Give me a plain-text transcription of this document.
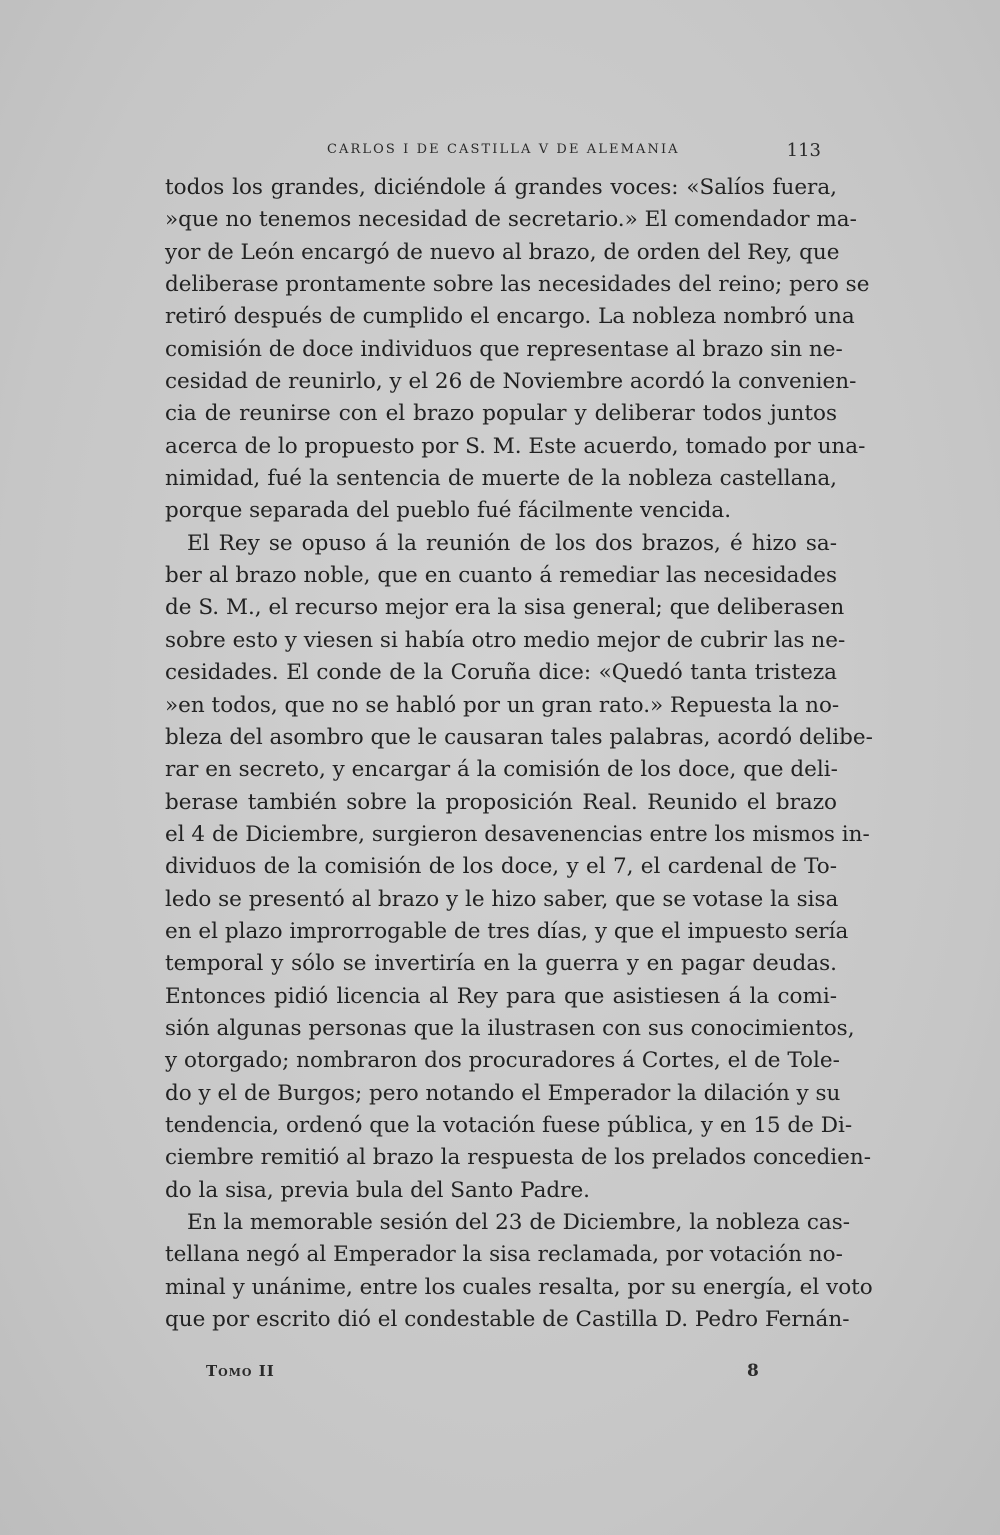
CARLOS I DE CASTILLA V DE ALEMANIA	113
todos los grandes, diciéndole á grandes voces: «Salíos fuera,
»que no tenemos necesidad de secretario.» El comendador ma-
yor de León encargó de nuevo al brazo, de orden del Rey, que
deliberase prontamente sobre las necesidades del reino; pero se
retiró después de cumplido el encargo. La nobleza nombró una
comisión de doce individuos que representase al brazo sin ne-
cesidad de reunirlo, y el 26 de Noviembre acordó la convenien-
cia de reunirse con el brazo popular y deliberar todos juntos
acerca de lo propuesto por S. M. Este acuerdo, tomado por una-
nimidad, fué la sentencia de muerte de la nobleza castellana,
porque separada del pueblo fué fácilmente vencida.
El Rey se opuso á la reunión de los dos brazos, é hizo sa-
ber al brazo noble, que en cuanto á remediar las necesidades
de S. M., el recurso mejor era la sisa general; que deliberasen
sobre esto y viesen si había otro medio mejor de cubrir las ne-
cesidades. El conde de la Coruña dice: «Quedó tanta tristeza
»en todos, que no se habló por un gran rato.» Repuesta la no-
bleza del asombro que le causaran tales palabras, acordó delibe-
rar en secreto, y encargar á la comisión de los doce, que deli-
berase también sobre la proposición Real. Reunido el brazo
el 4 de Diciembre, surgieron desavenencias entre los mismos in-
dividuos de la comisión de los doce, y el 7, el cardenal de To-
ledo se presentó al brazo y le hizo saber, que se votase la sisa
en el plazo improrrogable de tres días, y que el impuesto sería
temporal y sólo se invertiría en la guerra y en pagar deudas.
Entonces pidió licencia al Rey para que asistiesen á la comi-
sión algunas personas que la ilustrasen con sus conocimientos,
y otorgado; nombraron dos procuradores á Cortes, el de Tole-
do y el de Burgos; pero notando el Emperador la dilación y su
tendencia, ordenó que la votación fuese pública, y en 15 de Di-
ciembre remitió al brazo la respuesta de los prelados concedien-
do la sisa, previa bula del Santo Padre.
En la memorable sesión del 23 de Diciembre, la nobleza cas-
tellana negó al Emperador la sisa reclamada, por votación no-
minal y unánime, entre los cuales resalta, por su energía, el voto
que por escrito dió el condestable de Castilla D. Pedro Fernán-
Tomo II	8
